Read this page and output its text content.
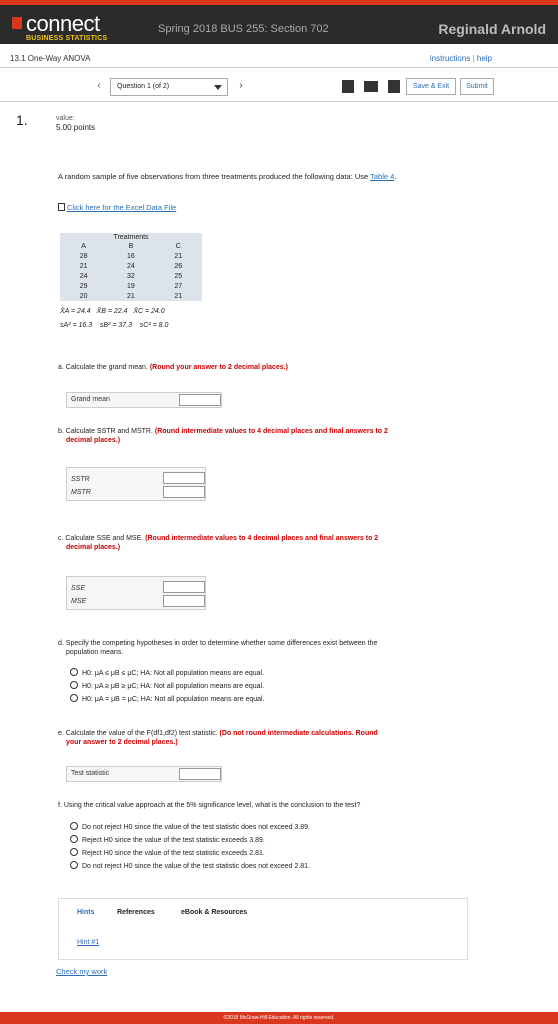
connect
BUSINESS STATISTICS
Spring 2018 BUS 255: Section 702	Reginald Arnold
13.1 One-Way ANOVA	instructions | help
‹	Question 1 (of 2)	›	Save & Exit	Submit
1.	value:
5.00 points
A random sample of five observations from three treatments produced the following data: Use Table 4.
Click here for the Excel Data File
Treatments		
A	B	C
28	16	21
21	24	26
24	32	25
29	19	27
20	21	21
X̄A = 24.4 X̄B = 22.4 X̄C = 24.0
sA² = 16.3 sB² = 37.3 sC² = 8.0
a. Calculate the grand mean. (Round your answer to 2 decimal places.)
Grand mean
b. Calculate SSTR and MSTR. (Round intermediate values to 4 decimal places and final answers to 2
decimal places.)
SSTR
MSTR
c. Calculate SSE and MSE. (Round intermediate values to 4 decimal places and final answers to 2
decimal places.)
SSE
MSE
d. Specify the competing hypotheses in order to determine whether some differences exist between the
population means.
H0: μA ≤ μB ≤ μC; HA: Not all population means are equal.
H0: μA ≥ μB ≥ μC; HA: Not all population means are equal.
H0: μA = μB = μC; HA: Not all population means are equal.
e. Calculate the value of the F(df1,df2) test statistic. (Do not round intermediate calculations. Round
your answer to 2 decimal places.)
Test statistic
f. Using the critical value approach at the 5% significance level, what is the conclusion to the test?
Do not reject H0 since the value of the test statistic does not exceed 3.89.
Reject H0 since the value of the test statistic exceeds 3.89.
Reject H0 since the value of the test statistic exceeds 2.81.
Do not reject H0 since the value of the test statistic does not exceed 2.81.
Hints	References	eBook & Resources
Hint #1
Check my work
©2018 McGraw-Hill Education. All rights reserved.
